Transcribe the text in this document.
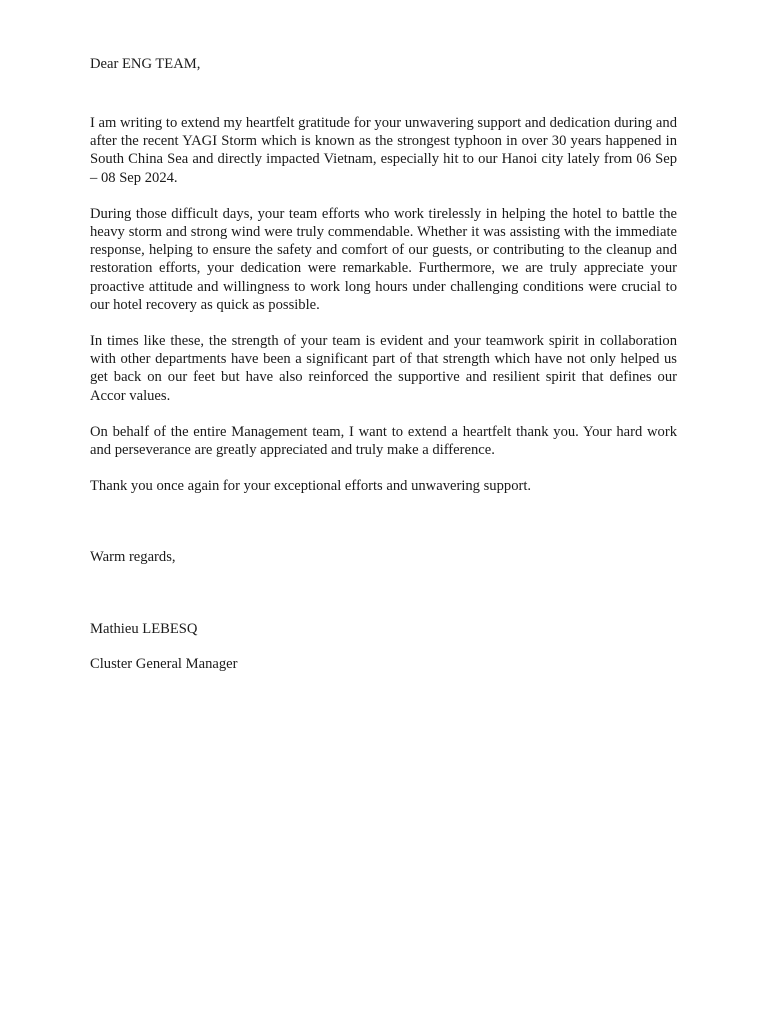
Dear ENG TEAM,

I am writing to extend my heartfelt gratitude for your unwavering support and dedication during and after the recent YAGI Storm which is known as the strongest typhoon in over 30 years happened in South China Sea and directly impacted Vietnam, especially hit to our Hanoi city lately from 06 Sep – 08 Sep 2024.

During those difficult days, your team efforts who work tirelessly in helping the hotel to battle the heavy storm and strong wind were truly commendable. Whether it was assisting with the immediate response, helping to ensure the safety and comfort of our guests, or contributing to the cleanup and restoration efforts, your dedication were remarkable. Furthermore, we are truly appreciate your proactive attitude and willingness to work long hours under challenging conditions were crucial to our hotel recovery as quick as possible.

In times like these, the strength of your team is evident and your teamwork spirit in collaboration with other departments have been a significant part of that strength which have not only helped us get back on our feet but have also reinforced the supportive and resilient spirit that defines our Accor values.

On behalf of the entire Management team, I want to extend a heartfelt thank you. Your hard work and perseverance are greatly appreciated and truly make a difference.

Thank you once again for your exceptional efforts and unwavering support.

Warm regards,

Mathieu LEBESQ

Cluster General Manager
